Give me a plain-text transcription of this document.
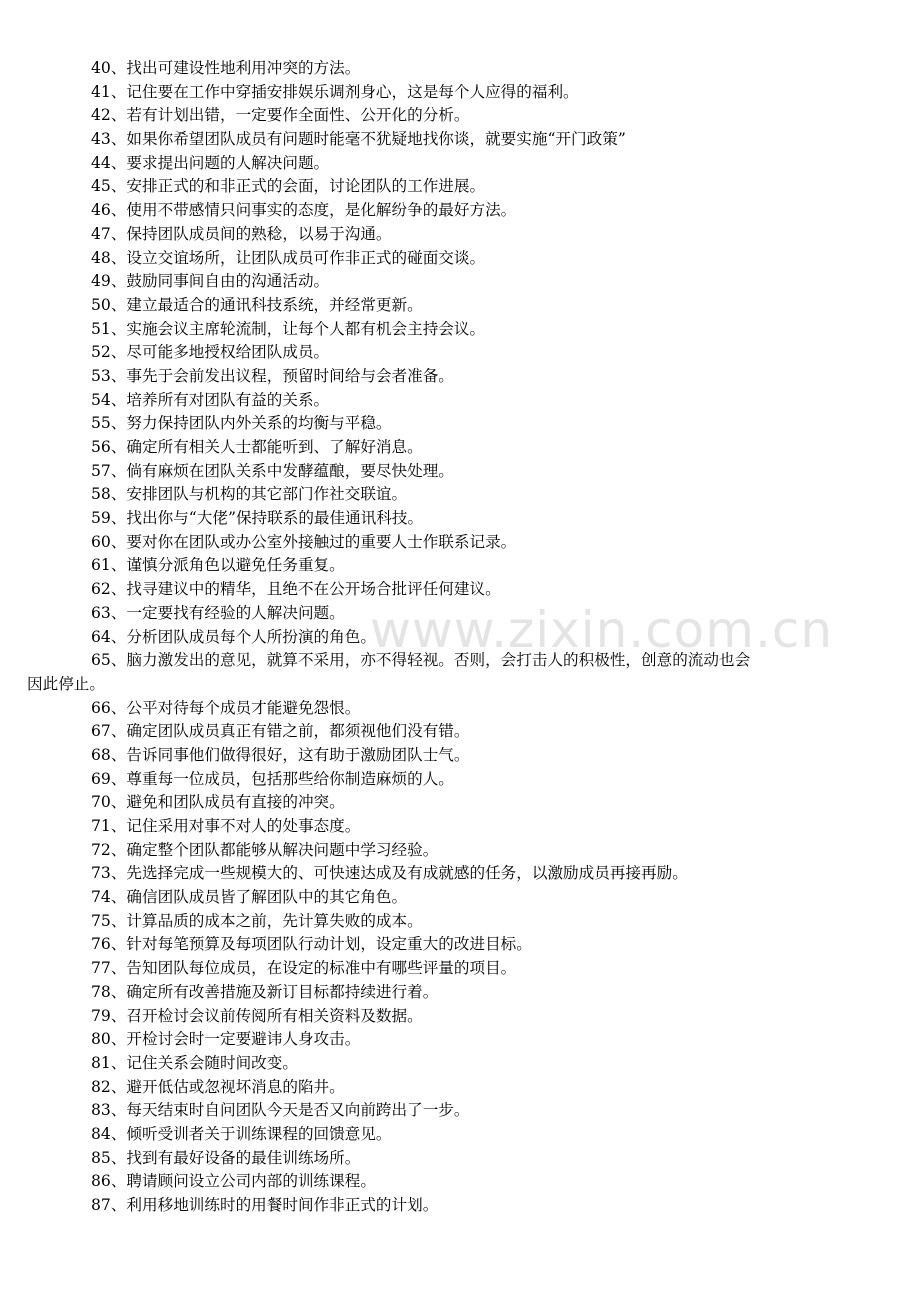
40、找出可建设性地利用冲突的方法。
41、记住要在工作中穿插安排娱乐调剂身心，这是每个人应得的福利。
42、若有计划出错，一定要作全面性、公开化的分析。
43、如果你希望团队成员有问题时能毫不犹疑地找你谈，就要实施“开门政策”
44、要求提出问题的人解决问题。
45、安排正式的和非正式的会面，讨论团队的工作进展。
46、使用不带感情只问事实的态度，是化解纷争的最好方法。
47、保持团队成员间的熟稔，以易于沟通。
48、设立交谊场所，让团队成员可作非正式的碰面交谈。
49、鼓励同事间自由的沟通活动。
50、建立最适合的通讯科技系统，并经常更新。
51、实施会议主席轮流制，让每个人都有机会主持会议。
52、尽可能多地授权给团队成员。
53、事先于会前发出议程，预留时间给与会者准备。
54、培养所有对团队有益的关系。
55、努力保持团队内外关系的均衡与平稳。
56、确定所有相关人士都能听到、了解好消息。
57、倘有麻烦在团队关系中发酵蕴酿，要尽快处理。
58、安排团队与机构的其它部门作社交联谊。
59、找出你与“大佬”保持联系的最佳通讯科技。
60、要对你在团队或办公室外接触过的重要人士作联系记录。
61、谨慎分派角色以避免任务重复。
62、找寻建议中的精华，且绝不在公开场合批评任何建议。
63、一定要找有经验的人解决问题。
64、分析团队成员每个人所扮演的角色。
65、脑力激发出的意见，就算不采用，亦不得轻视。否则，会打击人的积极性，创意的流动也会
因此停止。
66、公平对待每个成员才能避免怨恨。
67、确定团队成员真正有错之前，都须视他们没有错。
68、告诉同事他们做得很好，这有助于激励团队士气。
69、尊重每一位成员，包括那些给你制造麻烦的人。
70、避免和团队成员有直接的冲突。
71、记住采用对事不对人的处事态度。
72、确定整个团队都能够从解决问题中学习经验。
73、先选择完成一些规模大的、可快速达成及有成就感的任务，以激励成员再接再励。
74、确信团队成员皆了解团队中的其它角色。
75、计算品质的成本之前，先计算失败的成本。
76、针对每笔预算及每项团队行动计划，设定重大的改进目标。
77、告知团队每位成员，在设定的标准中有哪些评量的项目。
78、确定所有改善措施及新订目标都持续进行着。
79、召开检讨会议前传阅所有相关资料及数据。
80、开检讨会时一定要避讳人身攻击。
81、记住关系会随时间改变。
82、避开低估或忽视坏消息的陷井。
83、每天结束时自问团队今天是否又向前跨出了一步。
84、倾听受训者关于训练课程的回馈意见。
85、找到有最好设备的最佳训练场所。
86、聘请顾问设立公司内部的训练课程。
87、利用移地训练时的用餐时间作非正式的计划。
www.zixin.com.cn
